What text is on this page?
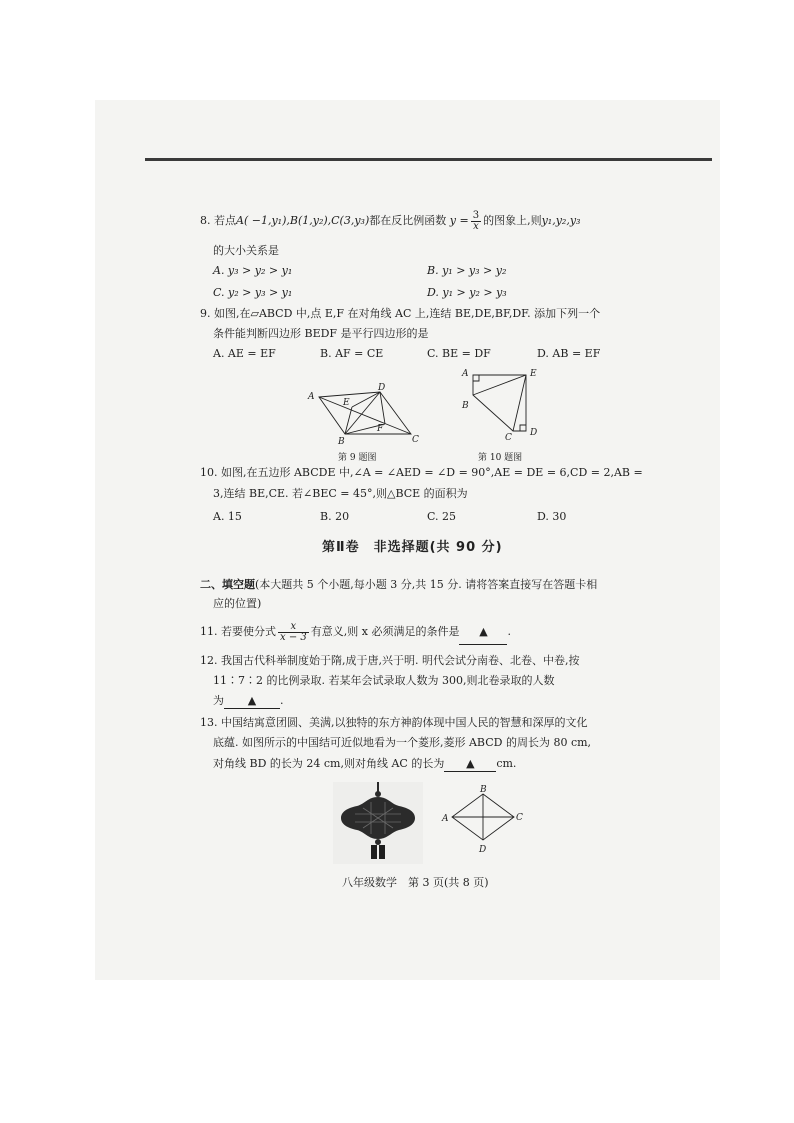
8. 若点A( −1,y₁),B(1,y₂),C(3,y₃)都在反比例函数 $y = \frac{3}{x}$ 的图象上,则y₁,y₂,y₃
的大小关系是
A. y₃ > y₂ > y₁	B. y₁ > y₃ > y₂
C. y₂ > y₃ > y₁	D. y₁ > y₂ > y₃
9. 如图,在▱ABCD 中,点 E,F 在对角线 AC 上,连结 BE,DE,BF,DF. 添加下列一个
条件能判断四边形 BEDF 是平行四边形的是
A. AE = EF	B. AF = CE	C. BE = DF	D. AB = EF
A
D
E
F
B	C
第 9 题图
A	E
B
C D
第 10 题图
10. 如图,在五边形 ABCDE 中,∠A = ∠AED = ∠D = 90°,AE = DE = 6,CD = 2,AB =
3,连结 BE,CE. 若∠BEC = 45°,则△BCE 的面积为
A. 15	B. 20	C. 25	D. 30
第Ⅱ卷　非选择题(共 90 分)
二、填空题(本大题共 5 个小题,每小题 3 分,共 15 分. 请将答案直接写在答题卡相
应的位置)
11. 若要使分式 $\frac{x}{x - 3}$ 有意义,则 x 必须满足的条件是 ▲ .
12. 我国古代科举制度始于隋,成于唐,兴于明. 明代会试分南卷、北卷、中卷,按
11∶7∶2 的比例录取. 若某年会试录取人数为 300,则北卷录取的人数
为 ▲ .
13. 中国结寓意团圆、美满,以独特的东方神韵体现中国人民的智慧和深厚的文化
底蕴. 如图所示的中国结可近似地看为一个菱形,菱形 ABCD 的周长为 80 cm,
对角线 BD 的长为 24 cm,则对角线 AC 的长为 ▲ cm.
B
A	C
D
八年级数学　第 3 页(共 8 页)
